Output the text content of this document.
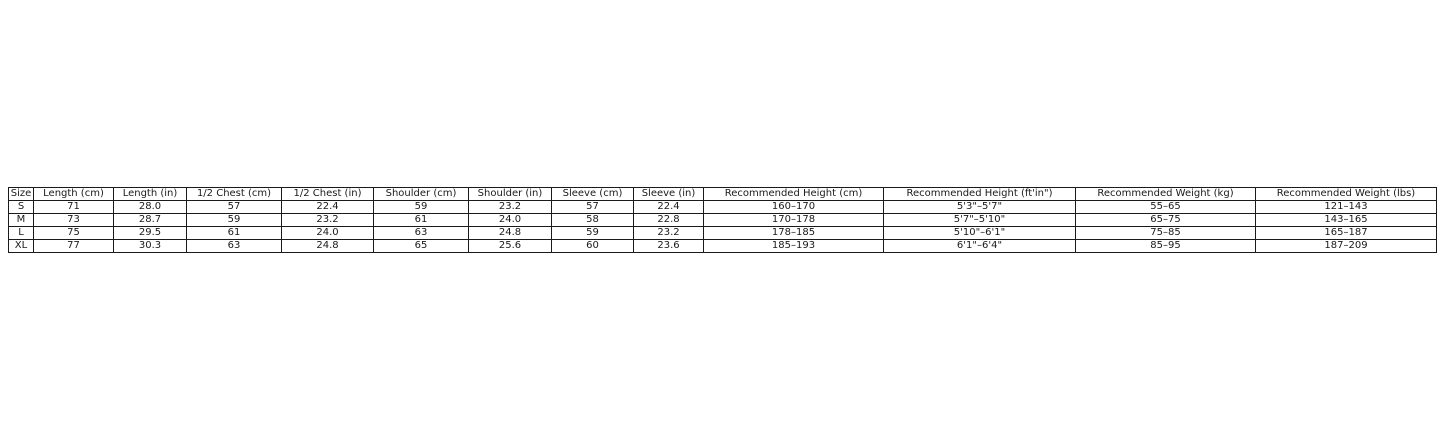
Size	Length (cm)	Length (in)	1/2 Chest (cm)	1/2 Chest (in)	Shoulder (cm)	Shoulder (in)	Sleeve (cm)	Sleeve (in)	Recommended Height (cm)	Recommended Height (ft'in")	Recommended Weight (kg)	Recommended Weight (lbs)
S	71	28.0	57	22.4	59	23.2	57	22.4	160–170	5'3"–5'7"	55–65	121–143
M	73	28.7	59	23.2	61	24.0	58	22.8	170–178	5'7"–5'10"	65–75	143–165
L	75	29.5	61	24.0	63	24.8	59	23.2	178–185	5'10"–6'1"	75–85	165–187
XL	77	30.3	63	24.8	65	25.6	60	23.6	185–193	6'1"–6'4"	85–95	187–209
